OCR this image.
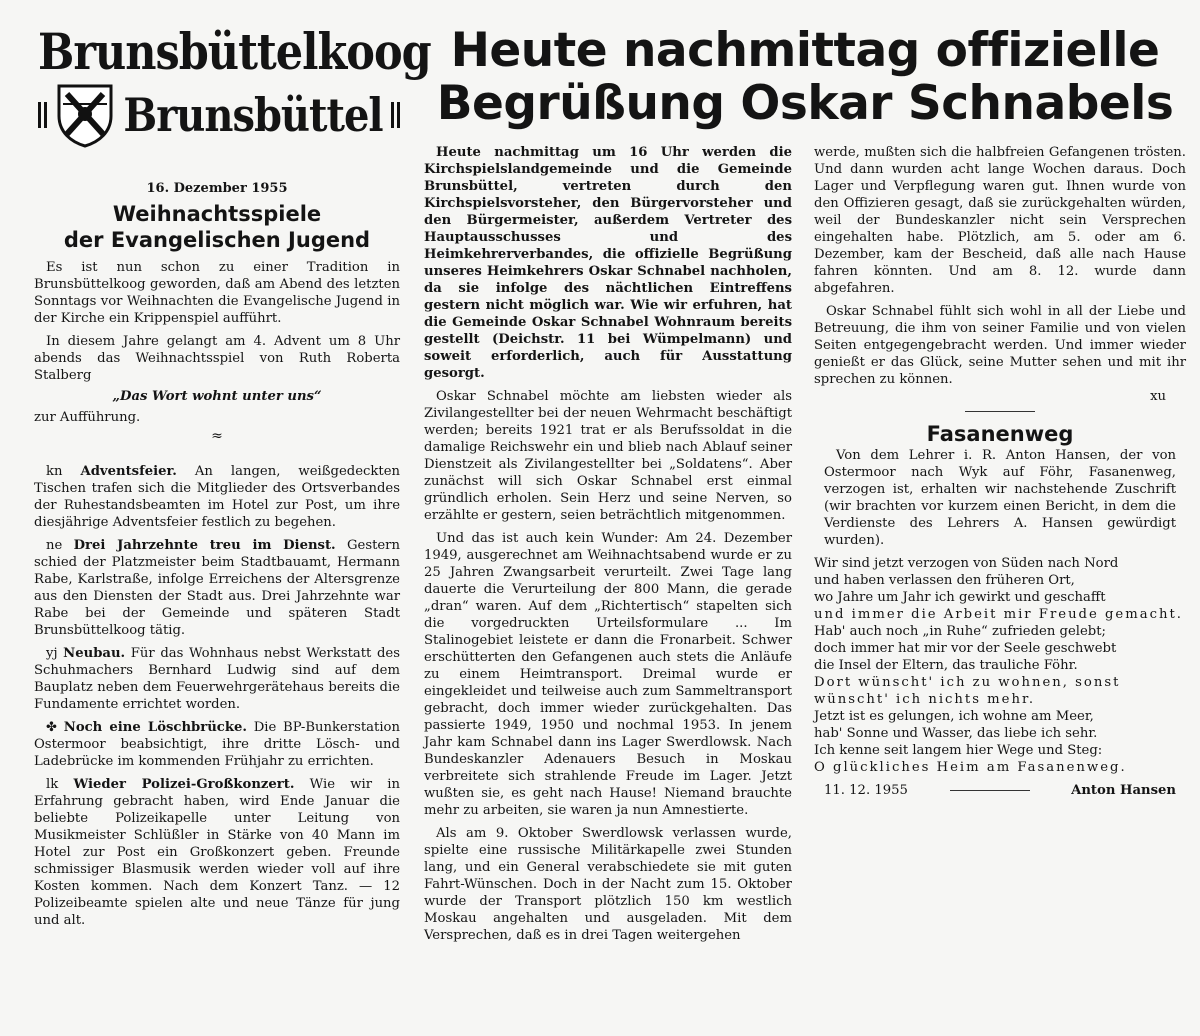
Brunsbüttelkoog
Brunsbüttel
Heute nachmittag offizielle
Begrüßung Oskar Schnabels
16. Dezember 1955
Weihnachtsspiele
der Evangelischen Jugend

Es ist nun schon zu einer Tradition in Brunsbüttelkoog geworden, daß am Abend des letzten Sonntags vor Weihnachten die Evangelische Jugend in der Kirche ein Krippenspiel aufführt.

In diesem Jahre gelangt am 4. Advent um 8 Uhr abends das Weihnachtsspiel von Ruth Roberta Stalberg

„Das Wort wohnt unter uns“

zur Aufführung.

≈

kn Adventsfeier. An langen, weißgedeckten Tischen trafen sich die Mitglieder des Ortsverbandes der Ruhestandsbeamten im Hotel zur Post, um ihre diesjährige Adventsfeier festlich zu begehen.

ne Drei Jahrzehnte treu im Dienst. Gestern schied der Platzmeister beim Stadtbauamt, Hermann Rabe, Karlstraße, infolge Erreichens der Altersgrenze aus den Diensten der Stadt aus. Drei Jahrzehnte war Rabe bei der Gemeinde und späteren Stadt Brunsbüttelkoog tätig.

yj Neubau. Für das Wohnhaus nebst Werkstatt des Schuhmachers Bernhard Ludwig sind auf dem Bauplatz neben dem Feuerwehrgerätehaus bereits die Fundamente errichtet worden.

✤ Noch eine Löschbrücke. Die BP-Bunkerstation Ostermoor beabsichtigt, ihre dritte Lösch- und Ladebrücke im kommenden Frühjahr zu errichten.

lk Wieder Polizei-Großkonzert. Wie wir in Erfahrung gebracht haben, wird Ende Januar die beliebte Polizeikapelle unter Leitung von Musikmeister Schlüßler in Stärke von 40 Mann im Hotel zur Post ein Großkonzert geben. Freunde schmissiger Blasmusik werden wieder voll auf ihre Kosten kommen. Nach dem Konzert Tanz. — 12 Polizeibeamte spielen alte und neue Tänze für jung und alt.

Heute nachmittag um 16 Uhr werden die Kirchspielslandgemeinde und die Gemeinde Brunsbüttel, vertreten durch den Kirchspielsvorsteher, den Bürgervorsteher und den Bürgermeister, außerdem Vertreter des Hauptausschusses und des Heimkehrerverbandes, die offizielle Begrüßung unseres Heimkehrers Oskar Schnabel nachholen, da sie infolge des nächtlichen Eintreffens gestern nicht möglich war. Wie wir erfuhren, hat die Gemeinde Oskar Schnabel Wohnraum bereits gestellt (Deichstr. 11 bei Wümpelmann) und soweit erforderlich, auch für Ausstattung gesorgt.

Oskar Schnabel möchte am liebsten wieder als Zivilangestellter bei der neuen Wehrmacht beschäftigt werden; bereits 1921 trat er als Berufssoldat in die damalige Reichswehr ein und blieb nach Ablauf seiner Dienstzeit als Zivilangestellter bei „Soldatens“. Aber zunächst will sich Oskar Schnabel erst einmal gründlich erholen. Sein Herz und seine Nerven, so erzählte er gestern, seien beträchtlich mitgenommen.

Und das ist auch kein Wunder: Am 24. Dezember 1949, ausgerechnet am Weihnachtsabend wurde er zu 25 Jahren Zwangsarbeit verurteilt. Zwei Tage lang dauerte die Verurteilung der 800 Mann, die gerade „dran“ waren. Auf dem „Richtertisch“ stapelten sich die vorgedruckten Urteilsformulare ... Im Stalinogebiet leistete er dann die Fronarbeit. Schwer erschütterten den Gefangenen auch stets die Anläufe zu einem Heimtransport. Dreimal wurde er eingekleidet und teilweise auch zum Sammeltransport gebracht, doch immer wieder zurückgehalten. Das passierte 1949, 1950 und nochmal 1953. In jenem Jahr kam Schnabel dann ins Lager Swerdlowsk. Nach Bundeskanzler Adenauers Besuch in Moskau verbreitete sich strahlende Freude im Lager. Jetzt wußten sie, es geht nach Hause! Niemand brauchte mehr zu arbeiten, sie waren ja nun Amnestierte.

Als am 9. Oktober Swerdlowsk verlassen wurde, spielte eine russische Militärkapelle zwei Stunden lang, und ein General verabschiedete sie mit guten Fahrt-Wünschen. Doch in der Nacht zum 15. Oktober wurde der Transport plötzlich 150 km westlich Moskau angehalten und ausgeladen. Mit dem Versprechen, daß es in drei Tagen weitergehen

werde, mußten sich die halbfreien Gefangenen trösten. Und dann wurden acht lange Wochen daraus. Doch Lager und Verpflegung waren gut. Ihnen wurde von den Offizieren gesagt, daß sie zurückgehalten würden, weil der Bundeskanzler nicht sein Versprechen eingehalten habe. Plötzlich, am 5. oder am 6. Dezember, kam der Bescheid, daß alle nach Hause fahren könnten. Und am 8. 12. wurde dann abgefahren.

Oskar Schnabel fühlt sich wohl in all der Liebe und Betreuung, die ihm von seiner Familie und von vielen Seiten entgegengebracht werden. Und immer wieder genießt er das Glück, seine Mutter sehen und mit ihr sprechen zu können.

xu
Fasanenweg

Von dem Lehrer i. R. Anton Hansen, der von Ostermoor nach Wyk auf Föhr, Fasanenweg, verzogen ist, erhalten wir nachstehende Zuschrift (wir brachten vor kurzem einen Bericht, in dem die Verdienste des Lehrers A. Hansen gewürdigt wurden).

Wir sind jetzt verzogen von Süden nach Nord

und haben verlassen den früheren Ort,

wo Jahre um Jahr ich gewirkt und geschafft

und immer die Arbeit mir Freude gemacht.

Hab' auch noch „in Ruhe“ zufrieden gelebt;

doch immer hat mir vor der Seele geschwebt

die Insel der Eltern, das trauliche Föhr.

Dort wünscht' ich zu wohnen, sonst wünscht' ich nichts mehr.

Jetzt ist es gelungen, ich wohne am Meer,

hab' Sonne und Wasser, das liebe ich sehr.

Ich kenne seit langem hier Wege und Steg:

O glückliches Heim am Fasanenweg.

11. 12. 1955	Anton Hansen
